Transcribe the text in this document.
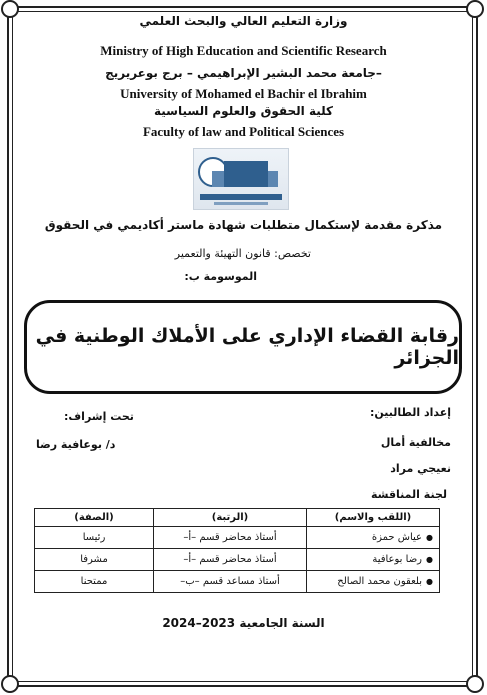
وزارة التعليم العالي والبحث العلمي
Ministry of High Education and Scientific Research
جامعة محمد البشير الإبراهيمي – برج بوعريريج–
University of Mohamed el Bachir el Ibrahim
كلية الحقوق والعلوم السياسية
Faculty of law and Political Sciences
مذكرة مقدمة لإستكمال متطلبات شهادة ماستر أكاديمي في الحقوق
تخصص: قانون التهيئة والتعمير
الموسومة ب:
رقابة القضاء الإداري على الأملاك الوطنية في الجزائر
إعداد الطالبين:
تحت إشراف:
مخالفية أمال
د/ بوعافية رضا
نعيجي مراد
لجنة المناقشة
(اللقب والاسم)	(الرتبة)	(الصفة)
●عياش حمزة	أستاذ محاضر قسم –أ–	رئيسا
●رضا بوعافية	أستاذ محاضر قسم –أ–	مشرفا
●بلعقون محمد الصالح	أستاذ مساعد قسم –ب–	ممتحنا
السنة الجامعية 2023–2024
